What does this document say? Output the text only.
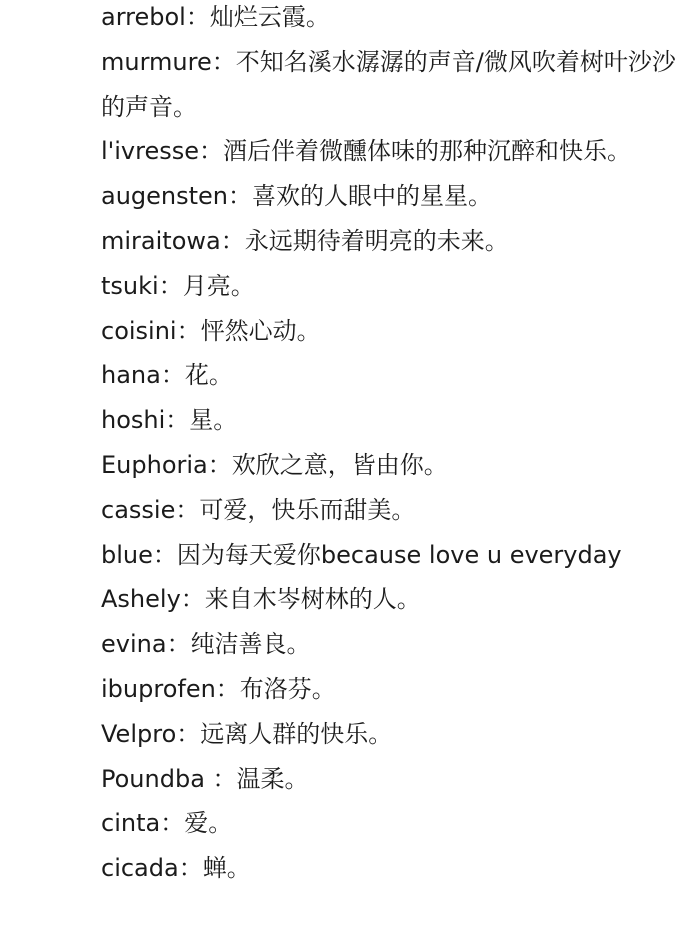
arrebol：灿烂云霞。
murmure：不知名溪水潺潺的声音/微风吹着树叶沙沙的声音。
l'ivresse：酒后伴着微醺体味的那种沉醉和快乐。
augensten：喜欢的人眼中的星星。
miraitowa：永远期待着明亮的未来。
tsuki：月亮。
coisini：怦然心动。
hana：花。
hoshi：星。
Euphoria：欢欣之意，皆由你。
cassie：可爱，快乐而甜美。
blue：因为每天爱你because love u everyday
Ashely：来自木岑树林的人。
evina：纯洁善良。
ibuprofen：布洛芬。
Velpro：远离人群的快乐。
Poundba ：温柔。
cinta：爱。
cicada：蝉。
